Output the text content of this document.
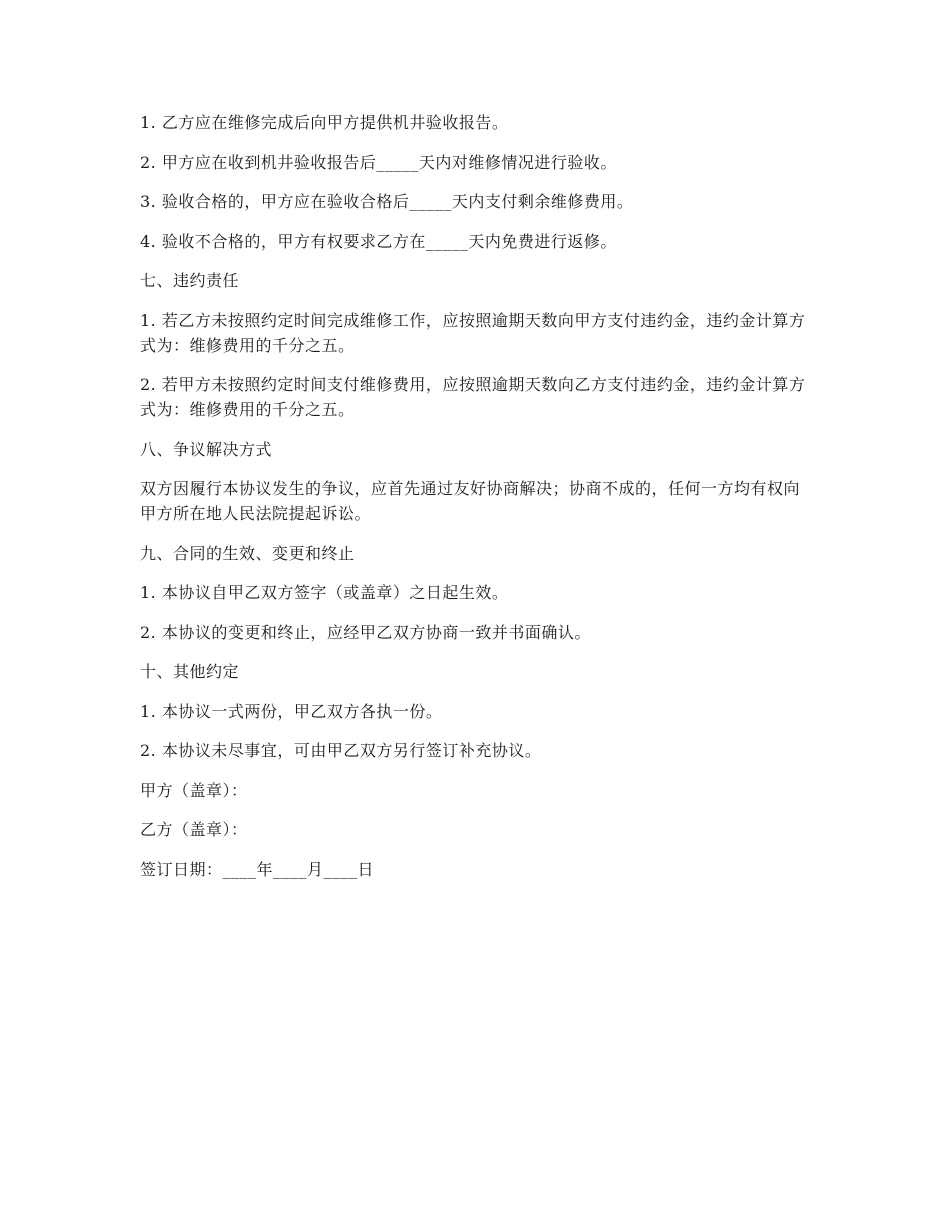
1. 乙方应在维修完成后向甲方提供机井验收报告。

2. 甲方应在收到机井验收报告后_____天内对维修情况进行验收。

3. 验收合格的，甲方应在验收合格后_____天内支付剩余维修费用。

4. 验收不合格的，甲方有权要求乙方在_____天内免费进行返修。

七、违约责任

1. 若乙方未按照约定时间完成维修工作，应按照逾期天数向甲方支付违约金，违约金计算方式为：维修费用的千分之五。

2. 若甲方未按照约定时间支付维修费用，应按照逾期天数向乙方支付违约金，违约金计算方式为：维修费用的千分之五。

八、争议解决方式

双方因履行本协议发生的争议，应首先通过友好协商解决；协商不成的，任何一方均有权向甲方所在地人民法院提起诉讼。

九、合同的生效、变更和终止

1. 本协议自甲乙双方签字（或盖章）之日起生效。

2. 本协议的变更和终止，应经甲乙双方协商一致并书面确认。

十、其他约定

1. 本协议一式两份，甲乙双方各执一份。

2. 本协议未尽事宜，可由甲乙双方另行签订补充协议。

甲方（盖章）：

乙方（盖章）：

签订日期：____年____月____日
